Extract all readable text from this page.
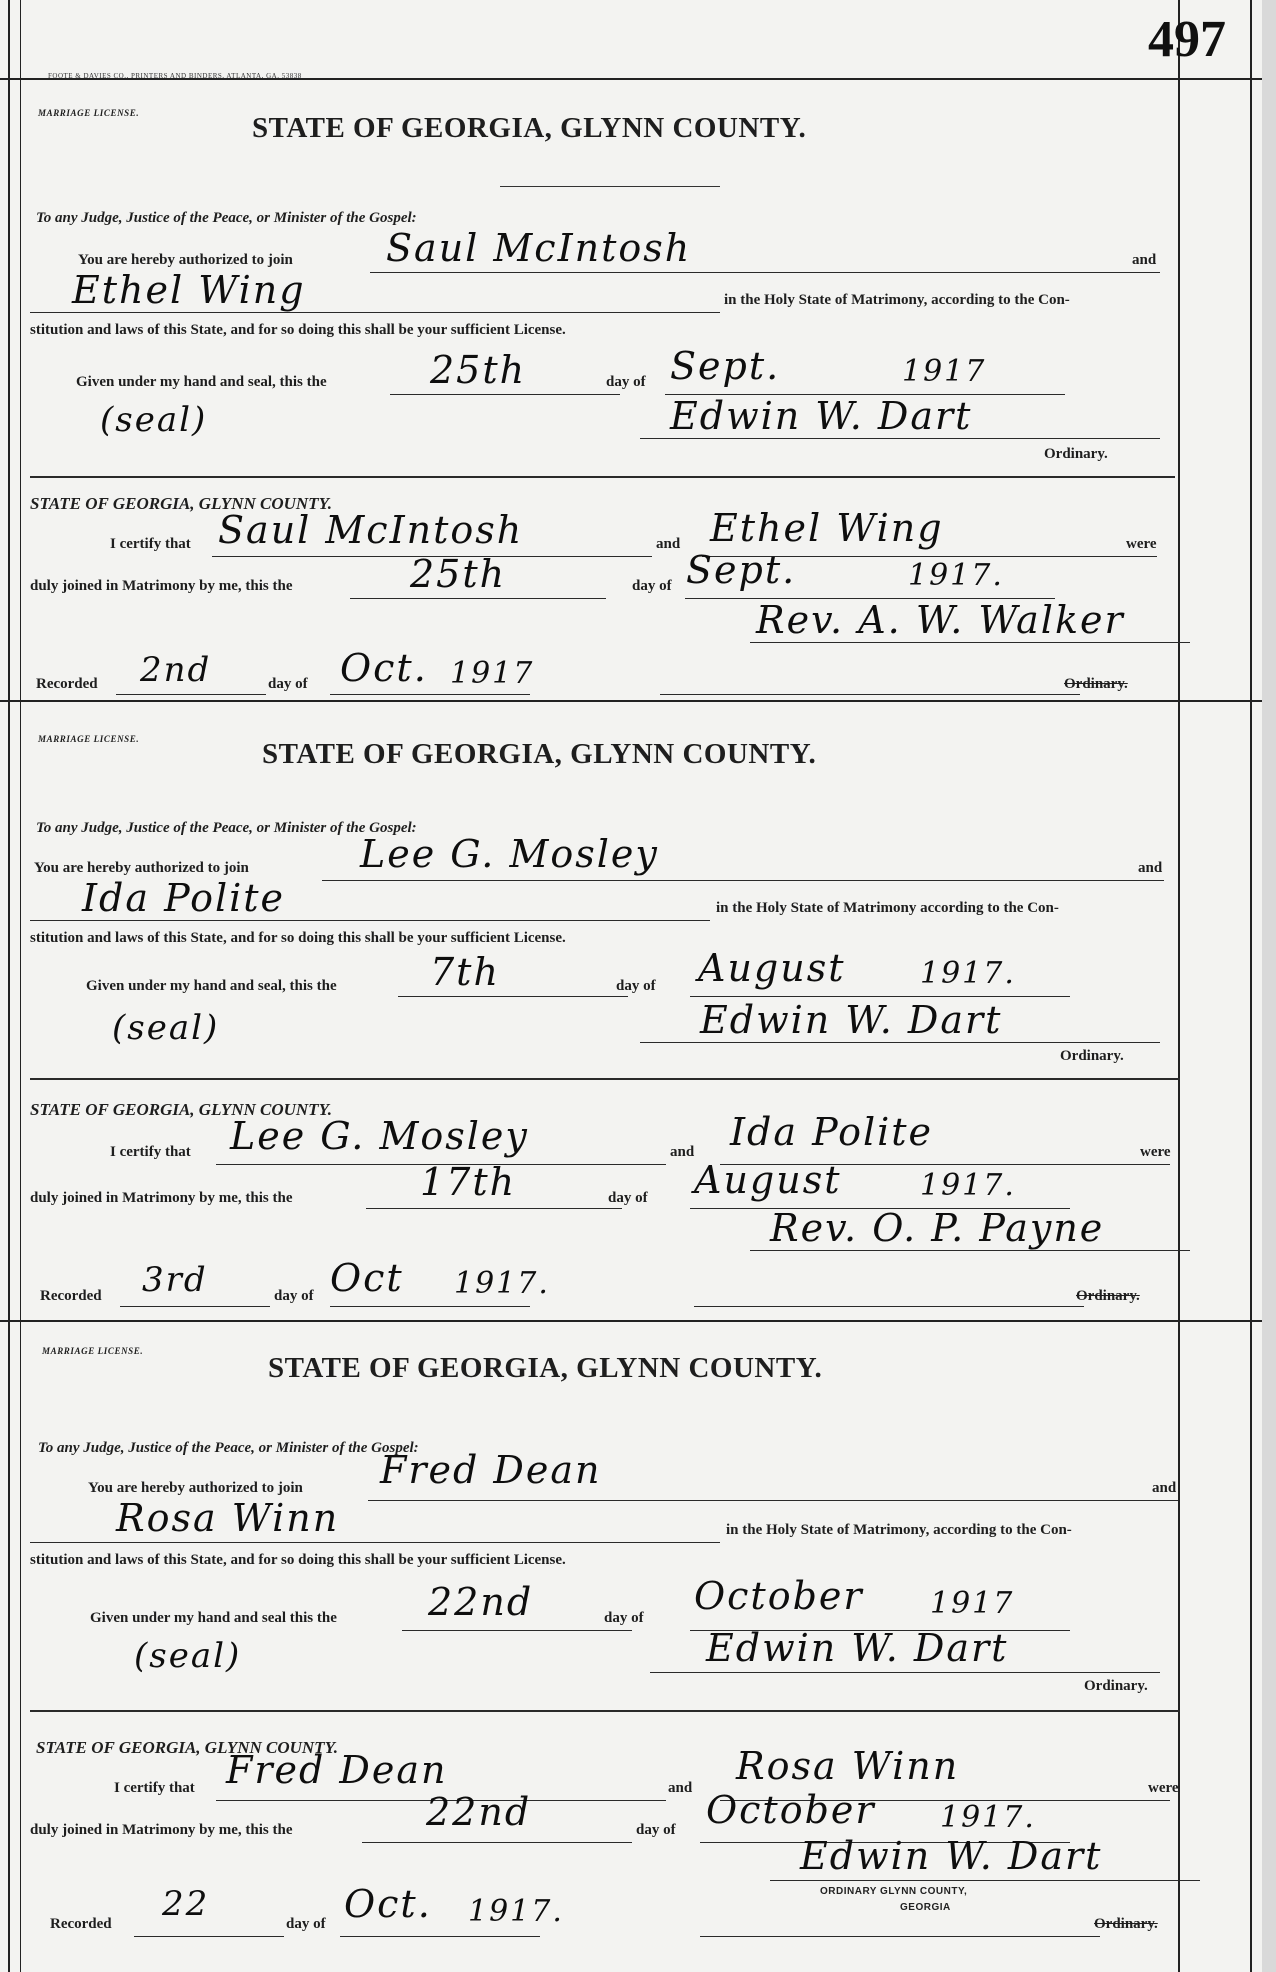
497
FOOTE & DAVIES CO., PRINTERS AND BINDERS, ATLANTA, GA. 53838
MARRIAGE LICENSE.	STATE OF GEORGIA, GLYNN COUNTY.
To any Judge, Justice of the Peace, or Minister of the Gospel:
You are hereby authorized to join Saul McIntosh	and
Ethel Wing	in the Holy State of Matrimony, according to the Con-
stitution and laws of this State, and for so doing this shall be your sufficient License.
Given under my hand and seal, this the	25th	day of Sept.	1917
(seal)	Edwin W. Dart
Ordinary.
STATE OF GEORGIA, GLYNN COUNTY.
I certify that Saul McIntosh	and Ethel Wing	were
duly joined in Matrimony by me, this the	25th	day of Sept.	1917.
Rev. A. W. Walker
Recorded 2nd	day of Oct. 1917	Ordinary.
MARRIAGE LICENSE.	STATE OF GEORGIA, GLYNN COUNTY.
To any Judge, Justice of the Peace, or Minister of the Gospel:
You are hereby authorized to join	Lee G. Mosley	and
Ida Polite	in the Holy State of Matrimony according to the Con-
stitution and laws of this State, and for so doing this shall be your sufficient License.
Given under my hand and seal, this the 7th	day of August 1917.
(seal)	Edwin W. Dart
Ordinary.
STATE OF GEORGIA, GLYNN COUNTY.
I certify that Lee G. Mosley	and Ida Polite	were
duly joined in Matrimony by me, this the	17th	day of August	1917.
Rev. O. P. Payne
Recorded 3rd	day of Oct 1917.	Ordinary.
MARRIAGE LICENSE.
STATE OF GEORGIA, GLYNN COUNTY.
To any Judge, Justice of the Peace, or Minister of the Gospel:
You are hereby authorized to join Fred Dean	and
Rosa Winn	in the Holy State of Matrimony, according to the Con-
stitution and laws of this State, and for so doing this shall be your sufficient License.
Given under my hand and seal this the 22nd	day of October 1917
(seal)	Edwin W. Dart
Ordinary.
STATE OF GEORGIA, GLYNN COUNTY.
I certify that Fred Dean	and Rosa Winn	were
duly joined in Matrimony by me, this the	22nd	day of October 1917.
Edwin W. Dart
ORDINARY GLYNN COUNTY,
GEORGIA
Recorded 22	day of Oct. 1917.	Ordinary.
